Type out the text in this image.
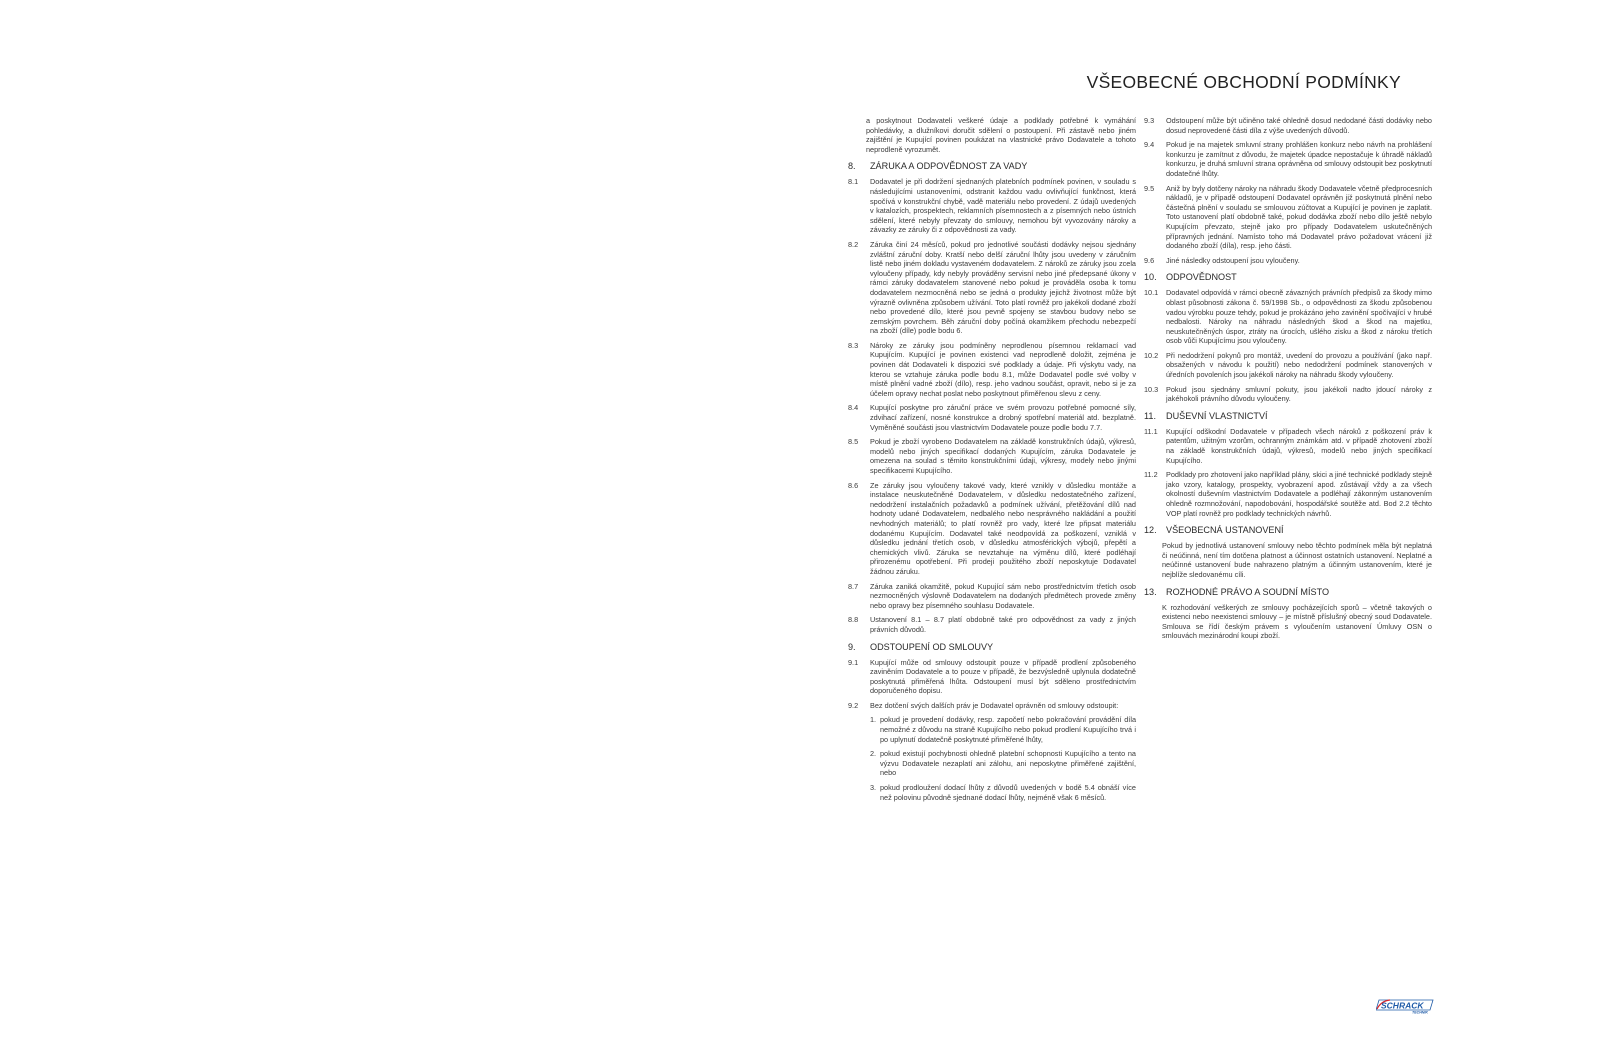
VŠEOBECNÉ OBCHODNÍ PODMÍNKY

a poskytnout Dodavateli veškeré údaje a podklady potřebné k vymáhání pohledávky, a dlužníkovi doručit sdělení o postoupení. Při zástavě nebo jiném zajištění je Kupující povinen poukázat na vlastnické právo Dodavatele a tohoto neprodleně vyrozumět.

8.	ZÁRUKA A ODPOVĚDNOST ZA VADY
8.1	Dodavatel je při dodržení sjednaných platebních podmínek povinen, v souladu s následujícími ustanoveními, odstranit každou vadu ovlivňující funkčnost, která spočívá v konstrukční chybě, vadě materiálu nebo provedení. Z údajů uvedených v katalozích, prospektech, reklamních písemnostech a z písemných nebo ústních sdělení, které nebyly převzaty do smlouvy, nemohou být vyvozovány nároky a závazky ze záruky či z odpovědnosti za vady.
8.2	Záruka činí 24 měsíců, pokud pro jednotlivé součásti dodávky nejsou sjednány zvláštní záruční doby. Kratší nebo delší záruční lhůty jsou uvedeny v záručním listě nebo jiném dokladu vystaveném dodavatelem. Z nároků ze záruky jsou zcela vyloučeny případy, kdy nebyly prováděny servisní nebo jiné předepsané úkony v rámci záruky dodavatelem stanovené nebo pokud je prováděla osoba k tomu dodavatelem nezmocněná nebo se jedná o produkty jejichž životnost může být výrazně ovlivněna způsobem užívání. Toto platí rovněž pro jakékoli dodané zboží nebo provedené dílo, které jsou pevně spojeny se stavbou budovy nebo se zemským povrchem. Běh záruční doby počíná okamžikem přechodu nebezpečí na zboží (díle) podle bodu 6.
8.3	Nároky ze záruky jsou podmíněny neprodlenou písemnou reklamací vad Kupujícím. Kupující je povinen existenci vad neprodleně doložit, zejména je povinen dát Dodavateli k dispozici své podklady a údaje. Při výskytu vady, na kterou se vztahuje záruka podle bodu 8.1, může Dodavatel podle své volby v místě plnění vadné zboží (dílo), resp. jeho vadnou součást, opravit, nebo si je za účelem opravy nechat poslat nebo poskytnout přiměřenou slevu z ceny.
8.4	Kupující poskytne pro záruční práce ve svém provozu potřebné pomocné síly, zdvihací zařízení, nosné konstrukce a drobný spotřební materiál atd. bezplatně. Vyměněné součásti jsou vlastnictvím Dodavatele pouze podle bodu 7.7.
8.5	Pokud je zboží vyrobeno Dodavatelem na základě konstrukčních údajů, výkresů, modelů nebo jiných specifikací dodaných Kupujícím, záruka Dodavatele je omezena na soulad s těmito konstrukčními údaji, výkresy, modely nebo jinými specifikacemi Kupujícího.
8.6	Ze záruky jsou vyloučeny takové vady, které vznikly v důsledku montáže a instalace neuskutečněné Dodavatelem, v důsledku nedostatečného zařízení, nedodržení instalačních požadavků a podmínek užívání, přetěžování dílů nad hodnoty udané Dodavatelem, nedbalého nebo nesprávného nakládání a použití nevhodných materiálů; to platí rovněž pro vady, které lze připsat materiálu dodanému Kupujícím. Dodavatel také neodpovídá za poškození, vzniklá v důsledku jednání třetích osob, v důsledku atmosférických výbojů, přepětí a chemických vlivů. Záruka se nevztahuje na výměnu dílů, které podléhají přirozenému opotřebení. Při prodeji použitého zboží neposkytuje Dodavatel žádnou záruku.
8.7	Záruka zaniká okamžitě, pokud Kupující sám nebo prostřednictvím třetích osob nezmocněných výslovně Dodavatelem na dodaných předmětech provede změny nebo opravy bez písemného souhlasu Dodavatele.
8.8	Ustanovení 8.1 – 8.7 platí obdobně také pro odpovědnost za vady z jiných právních důvodů.
9.	ODSTOUPENÍ OD SMLOUVY
9.1	Kupující může od smlouvy odstoupit pouze v případě prodlení způsobeného zaviněním Dodavatele a to pouze v případě, že bezvýsledně uplynula dodatečně poskytnutá přiměřená lhůta. Odstoupení musí být sděleno prostřednictvím doporučeného dopisu.
9.2	Bez dotčení svých dalších práv je Dodavatel oprávněn od smlouvy odstoupit:
1. pokud je provedení dodávky, resp. započetí nebo pokračování provádění díla nemožné z důvodu na straně Kupujícího nebo pokud prodlení Kupujícího trvá i po uplynutí dodatečně poskytnuté přiměřené lhůty,
2. pokud existují pochybnosti ohledně platební schopnosti Kupujícího a tento na výzvu Dodavatele nezaplatí ani zálohu, ani neposkytne přiměřené zajištění, nebo
3. pokud prodloužení dodací lhůty z důvodů uvedených v bodě 5.4 obnáší více než polovinu původně sjednané dodací lhůty, nejméně však 6 měsíců.
9.3	Odstoupení může být učiněno také ohledně dosud nedodané části dodávky nebo dosud neprovedené části díla z výše uvedených důvodů.
9.4	Pokud je na majetek smluvní strany prohlášen konkurz nebo návrh na prohlášení konkurzu je zamítnut z důvodu, že majetek úpadce nepostačuje k úhradě nákladů konkurzu, je druhá smluvní strana oprávněna od smlouvy odstoupit bez poskytnutí dodatečné lhůty.
9.5	Aniž by byly dotčeny nároky na náhradu škody Dodavatele včetně předprocesních nákladů, je v případě odstoupení Dodavatel oprávněn již poskytnutá plnění nebo částečná plnění v souladu se smlouvou zúčtovat a Kupující je povinen je zaplatit. Toto ustanovení platí obdobně také, pokud dodávka zboží nebo dílo ještě nebylo Kupujícím převzato, stejně jako pro případy Dodavatelem uskutečněných přípravných jednání. Namísto toho má Dodavatel právo požadovat vrácení již dodaného zboží (díla), resp. jeho části.
9.6	Jiné následky odstoupení jsou vyloučeny.
10.	ODPOVĚDNOST
10.1	Dodavatel odpovídá v rámci obecně závazných právních předpisů za škody mimo oblast působnosti zákona č. 59/1998 Sb., o odpovědnosti za škodu způsobenou vadou výrobku pouze tehdy, pokud je prokázáno jeho zavinění spočívající v hrubé nedbalosti. Nároky na náhradu následných škod a škod na majetku, neuskutečněných úspor, ztráty na úrocích, ušlého zisku a škod z nároku třetích osob vůči Kupujícímu jsou vyloučeny.
10.2	Při nedodržení pokynů pro montáž, uvedení do provozu a používání (jako např. obsažených v návodu k použití) nebo nedodržení podmínek stanovených v úředních povoleních jsou jakékoli nároky na náhradu škody vyloučeny.
10.3	Pokud jsou sjednány smluvní pokuty, jsou jakékoli nadto jdoucí nároky z jakéhokoli právního důvodu vyloučeny.
11.	DUŠEVNÍ VLASTNICTVÍ
11.1	Kupující odškodní Dodavatele v případech všech nároků z poškození práv k patentům, užitným vzorům, ochranným známkám atd. v případě zhotovení zboží na základě konstrukčních údajů, výkresů, modelů nebo jiných specifikací Kupujícího.
11.2	Podklady pro zhotovení jako například plány, skici a jiné technické podklady stejně jako vzory, katalogy, prospekty, vyobrazení apod. zůstávají vždy a za všech okolností duševním vlastnictvím Dodavatele a podléhají zákonným ustanovením ohledně rozmnožování, napodobování, hospodářské soutěže atd. Bod 2.2 těchto VOP platí rovněž pro podklady technických návrhů.
12.	VŠEOBECNÁ USTANOVENÍ

Pokud by jednotlivá ustanovení smlouvy nebo těchto podmínek měla být neplatná či neúčinná, není tím dotčena platnost a účinnost ostatních ustanovení. Neplatné a neúčinné ustanovení bude nahrazeno platným a účinným ustanovením, které je nejblíže sledovanému cíli.

13.	ROZHODNÉ PRÁVO A SOUDNÍ MÍSTO

K rozhodování veškerých ze smlouvy pocházejících sporů – včetně takových o existenci nebo neexistenci smlouvy – je místně příslušný obecný soud Dodavatele. Smlouva se řídí českým právem s vyloučením ustanovení Úmluvy OSN o smlouvách mezinárodní koupi zboží.

SCHRACK
TECHNIK
